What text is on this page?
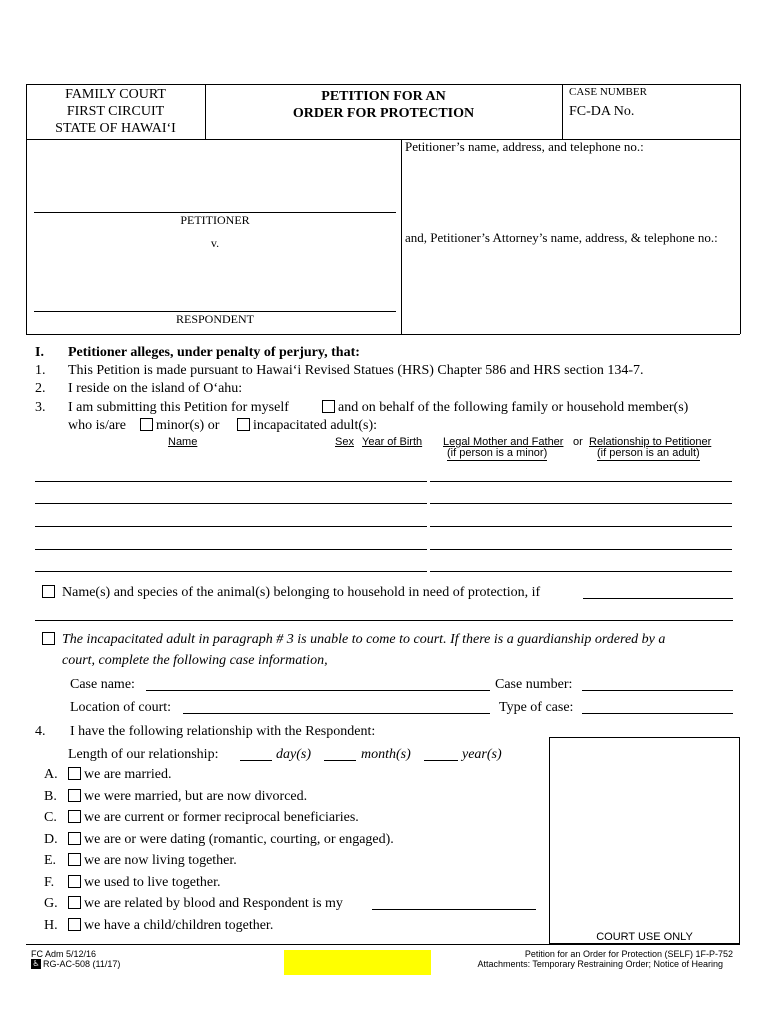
FAMILY COURT
FIRST CIRCUIT
STATE OF HAWAI‘I
PETITION FOR AN
ORDER FOR PROTECTION
CASE NUMBER
FC-DA No.
PETITIONER
v.
RESPONDENT
Petitioner’s name, address, and telephone no.:
and, Petitioner’s Attorney’s name, address, & telephone no.:
I. Petitioner alleges, under penalty of perjury, that:
1. This Petition is made pursuant to Hawai‘i Revised Statues (HRS) Chapter 586 and HRS section 134-7.
2. I reside on the island of O‘ahu:
3. I am submitting this Petition for myself	and on behalf of the following family or household member(s)
who is/are minor(s) or incapacitated adult(s):
Name	Sex Year of Birth Legal Mother and Father or Relationship to Petitioner
(if person is a minor)	(if person is an adult)
Name(s) and species of the animal(s) belonging to household in need of protection, if
The incapacitated adult in paragraph # 3 is unable to come to court. If there is a guardianship ordered by a
court, complete the following case information,
Case name:	Case number:
Location of court:	Type of case:
4. I have the following relationship with the Respondent:
Length of our relationship:	day(s)	month(s)	year(s)
A. we are married.
B. we were married, but are now divorced.
C. we are current or former reciprocal beneficiaries.
D. we are or were dating (romantic, courting, or engaged).
E. we are now living together.
F. we used to live together.
G. we are related by blood and Respondent is my
H. we have a child/children together.
COURT USE ONLY
FC Adm 5/12/16
♿ RG-AC-508 (11/17)
Petition for an Order for Protection (SELF) 1F-P-752
Attachments: Temporary Restraining Order; Notice of Hearing
